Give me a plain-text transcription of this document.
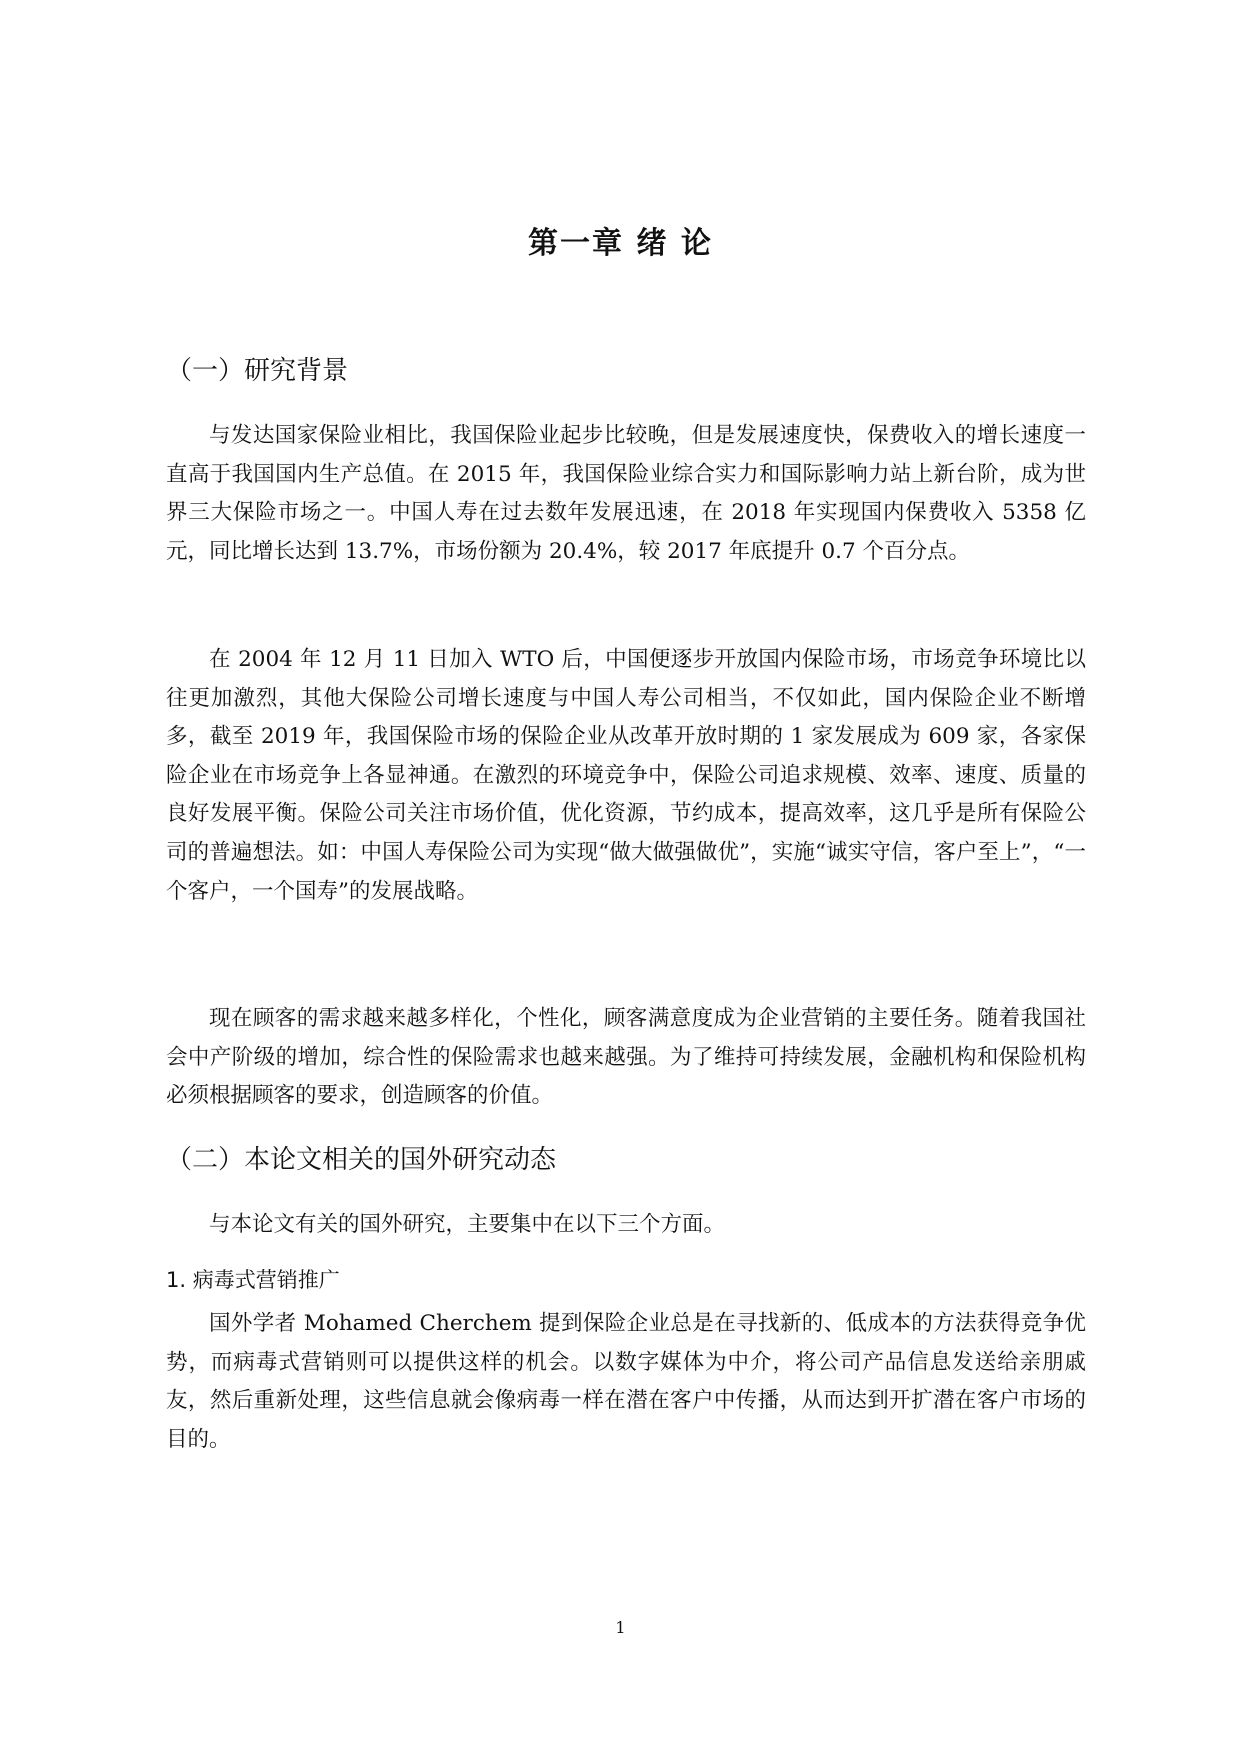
第一章 绪 论
（一）研究背景

与发达国家保险业相比，我国保险业起步比较晚，但是发展速度快，保费收入的增长速度一直高于我国国内生产总值。在 2015 年，我国保险业综合实力和国际影响力站上新台阶，成为世界三大保险市场之一。中国人寿在过去数年发展迅速，在 2018 年实现国内保费收入 5358 亿元，同比增长达到 13.7%，市场份额为 20.4%，较 2017 年底提升 0.7 个百分点。

在 2004 年 12 月 11 日加入 WTO 后，中国便逐步开放国内保险市场，市场竞争环境比以往更加激烈，其他大保险公司增长速度与中国人寿公司相当，不仅如此，国内保险企业不断增多，截至 2019 年，我国保险市场的保险企业从改革开放时期的 1 家发展成为 609 家，各家保险企业在市场竞争上各显神通。在激烈的环境竞争中，保险公司追求规模、效率、速度、质量的良好发展平衡。保险公司关注市场价值，优化资源，节约成本，提高效率，这几乎是所有保险公司的普遍想法。如：中国人寿保险公司为实现“做大做强做优”，实施“诚实守信，客户至上”，“一个客户，一个国寿”的发展战略。

现在顾客的需求越来越多样化，个性化，顾客满意度成为企业营销的主要任务。随着我国社会中产阶级的增加，综合性的保险需求也越来越强。为了维持可持续发展，金融机构和保险机构必须根据顾客的要求，创造顾客的价值。

（二）本论文相关的国外研究动态

与本论文有关的国外研究，主要集中在以下三个方面。

1. 病毒式营销推广

国外学者 Mohamed Cherchem 提到保险企业总是在寻找新的、低成本的方法获得竞争优势，而病毒式营销则可以提供这样的机会。以数字媒体为中介，将公司产品信息发送给亲朋戚友，然后重新处理，这些信息就会像病毒一样在潜在客户中传播，从而达到开扩潜在客户市场的目的。

1
